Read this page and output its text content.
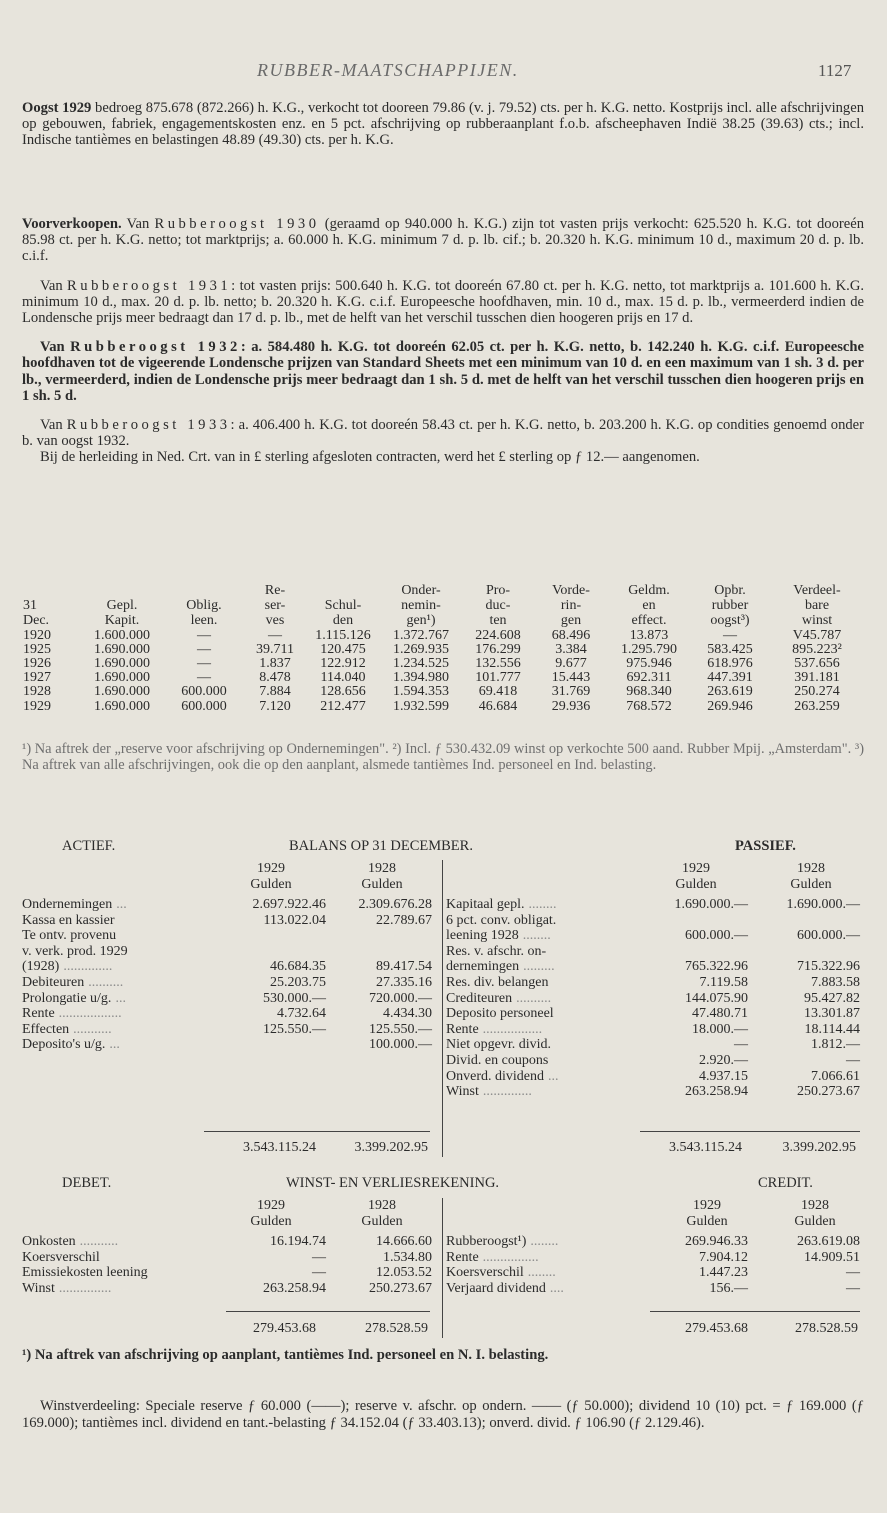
RUBBER-MAATSCHAPPIJEN.	1127

Oogst 1929 bedroeg 875.678 (872.266) h. K.G., verkocht tot dooreen 79.86 (v. j. 79.52) cts. per h. K.G. netto. Kostprijs incl. alle afschrijvingen op gebouwen, fabriek, engagementskosten enz. en 5 pct. afschrijving op rubberaanplant f.o.b. afscheephaven Indië 38.25 (39.63) cts.; incl. Indische tantièmes en belastingen 48.89 (49.30) cts. per h. K.G.

Voorverkoopen. Van Rubberoogst 1930 (geraamd op 940.000 h. K.G.) zijn tot vasten prijs verkocht: 625.520 h. K.G. tot dooreén 85.98 ct. per h. K.G. netto; tot marktprijs; a. 60.000 h. K.G. minimum 7 d. p. lb. cif.; b. 20.320 h. K.G. minimum 10 d., maximum 20 d. p. lb. c.i.f.

Van Rubberoogst 1931: tot vasten prijs: 500.640 h. K.G. tot dooreén 67.80 ct. per h. K.G. netto, tot marktprijs a. 101.600 h. K.G. minimum 10 d., max. 20 d. p. lb. netto; b. 20.320 h. K.G. c.i.f. Europeesche hoofdhaven, min. 10 d., max. 15 d. p. lb., vermeerderd indien de Londensche prijs meer bedraagt dan 17 d. p. lb., met de helft van het verschil tusschen dien hoogeren prijs en 17 d.

Van Rubberoogst 1932: a. 584.480 h. K.G. tot dooreén 62.05 ct. per h. K.G. netto, b. 142.240 h. K.G. c.i.f. Europeesche hoofdhaven tot de vigeerende Londensche prijzen van Standard Sheets met een minimum van 10 d. en een maximum van 1 sh. 3 d. per lb., vermeerderd, indien de Londensche prijs meer bedraagt dan 1 sh. 5 d. met de helft van het verschil tusschen dien hoogeren prijs en 1 sh. 5 d.

Van Rubberoogst 1933: a. 406.400 h. K.G. tot dooreén 58.43 ct. per h. K.G. netto, b. 203.200 h. K.G. op condities genoemd onder b. van oogst 1932.

Bij de herleiding in Ned. Crt. van in £ sterling afgesloten contracten, werd het £ sterling op ƒ 12.— aangenomen.

			Re-		Onder-	Pro-	Vorde-	Geldm.	Opbr.	Verdeel-
31	Gepl.	Oblig.	ser-	Schul-	nemin-	duc-	rin-	en	rubber	bare
Dec.	Kapit.	leen.	ves	den	gen¹)	ten	gen	effect.	oogst³)	winst
1920	1.600.000	—	—	1.115.126	1.372.767	224.608	68.496	13.873	—	V45.787
1925	1.690.000	—	39.711	120.475	1.269.935	176.299	3.384	1.295.790	583.425	895.223²
1926	1.690.000	—	1.837	122.912	1.234.525	132.556	9.677	975.946	618.976	537.656
1927	1.690.000	—	8.478	114.040	1.394.980	101.777	15.443	692.311	447.391	391.181
1928	1.690.000	600.000	7.884	128.656	1.594.353	69.418	31.769	968.340	263.619	250.274
1929	1.690.000	600.000	7.120	212.477	1.932.599	46.684	29.936	768.572	269.946	263.259
¹) Na aftrek der „reserve voor afschrijving op Ondernemingen". ²) Incl. ƒ 530.432.09 winst op verkochte 500 aand. Rubber Mpij. „Amsterdam". ³) Na aftrek van alle afschrijvingen, ook die op den aanplant, alsmede tantièmes Ind. personeel en Ind. belasting.
ACTIEF.	BALANS OP 31 DECEMBER.	PASSIEF.
1929
Gulden
1928
Gulden
1929
Gulden
1928
Gulden
Ondernemingen ...	2.697.922.46	2.309.676.28
Kassa en kassier	113.022.04	22.789.67
Te ontv. provenu		
v. verk. prod. 1929		
(1928) ..............	46.684.35	89.417.54
Debiteuren ..........	25.203.75	27.335.16
Prolongatie u/g. ...	530.000.—	720.000.—
Rente ..................	4.732.64	4.434.30
Effecten ...........	125.550.—	125.550.—
Deposito's u/g. ...		100.000.—
Kapitaal gepl. ........	1.690.000.—	1.690.000.—
6 pct. conv. obligat.		
leening 1928 ........	600.000.—	600.000.—
Res. v. afschr. on-		
dernemingen .........	765.322.96	715.322.96
Res. div. belangen	7.119.58	7.883.58
Crediteuren ..........	144.075.90	95.427.82
Deposito personeel	47.480.71	13.301.87
Rente .................	18.000.—	18.114.44
Niet opgevr. divid.	—	1.812.—
Divid. en coupons	2.920.—	—
Onverd. dividend ...	4.937.15	7.066.61
Winst ..............	263.258.94	250.273.67
3.543.115.24	3.399.202.95	3.543.115.24	3.399.202.95
DEBET.	WINST- EN VERLIESREKENING.	CREDIT.
1929
Gulden
1928
Gulden
1929
Gulden
1928
Gulden
Onkosten ...........	16.194.74	14.666.60
Koersverschil	—	1.534.80
Emissiekosten leening	—	12.053.52
Winst ...............	263.258.94	250.273.67
Rubberoogst¹) ........	269.946.33	263.619.08
Rente ................	7.904.12	14.909.51
Koersverschil ........	1.447.23	—
Verjaard dividend ....	156.—	—
279.453.68	278.528.59	279.453.68	278.528.59
¹) Na aftrek van afschrijving op aanplant, tantièmes Ind. personeel en N. I. belasting.
Winstverdeeling: Speciale reserve ƒ 60.000 (——); reserve v. afschr. op ondern. —— (ƒ 50.000); dividend 10 (10) pct. = ƒ 169.000 (ƒ 169.000); tantièmes incl. dividend en tant.-belasting ƒ 34.152.04 (ƒ 33.403.13); onverd. divid. ƒ 106.90 (ƒ 2.129.46).
